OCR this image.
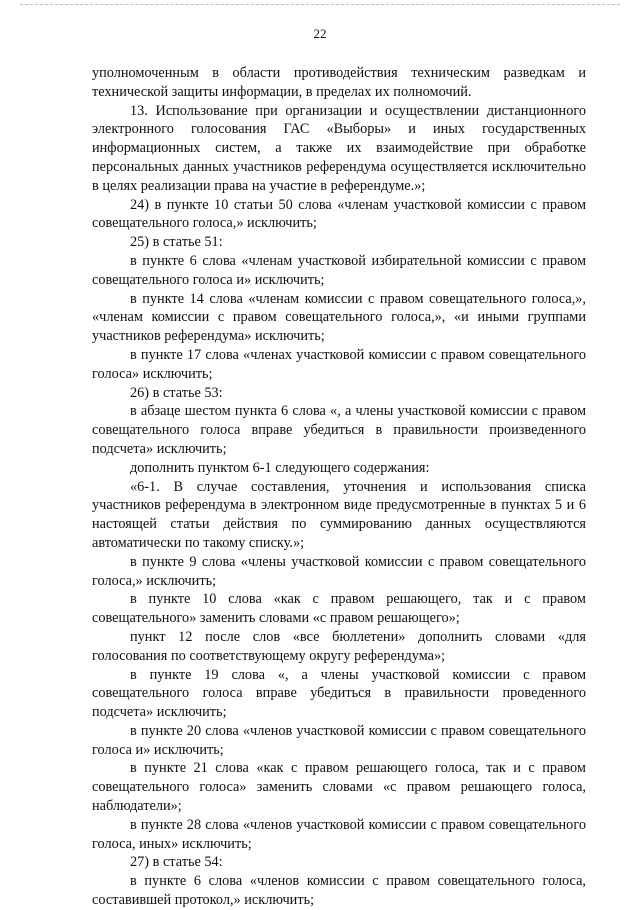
22

уполномоченным в области противодействия техническим разведкам и технической защиты информации, в пределах их полномочий.

13. Использование при организации и осуществлении дистанционного электронного голосования ГАС «Выборы» и иных государственных информационных систем, а также их взаимодействие при обработке персональных данных участников референдума осуществляется исключительно в целях реализации права на участие в референдуме.»;

24) в пункте 10 статьи 50 слова «членам участковой комиссии с правом совещательного голоса,» исключить;

25) в статье 51:

в пункте 6 слова «членам участковой избирательной комиссии с правом совещательного голоса и» исключить;

в пункте 14 слова «членам комиссии с правом совещательного голоса,», «членам комиссии с правом совещательного голоса,», «и иными группами участников референдума» исключить;

в пункте 17 слова «членах участковой комиссии с правом совещательного голоса» исключить;

26) в статье 53:

в абзаце шестом пункта 6 слова «, а члены участковой комиссии с правом совещательного голоса вправе убедиться в правильности произведенного подсчета» исключить;

дополнить пунктом 6-1 следующего содержания:

«6-1. В случае составления, уточнения и использования списка участников референдума в электронном виде предусмотренные в пунктах 5 и 6 настоящей статьи действия по суммированию данных осуществляются автоматически по такому списку.»;

в пункте 9 слова «члены участковой комиссии с правом совещательного голоса,» исключить;

в пункте 10 слова «как с правом решающего, так и с правом совещательного» заменить словами «с правом решающего»;

пункт 12 после слов «все бюллетени» дополнить словами «для голосования по соответствующему округу референдума»;

в пункте 19 слова «, а члены участковой комиссии с правом совещательного голоса вправе убедиться в правильности проведенного подсчета» исключить;

в пункте 20 слова «членов участковой комиссии с правом совещательного голоса и» исключить;

в пункте 21 слова «как с правом решающего голоса, так и с правом совещательного голоса» заменить словами «с правом решающего голоса, наблюдатели»;

в пункте 28 слова «членов участковой комиссии с правом совещательного голоса, иных» исключить;

27) в статье 54:

в пункте 6 слова «членов комиссии с правом совещательного голоса, составившей протокол,» исключить;
